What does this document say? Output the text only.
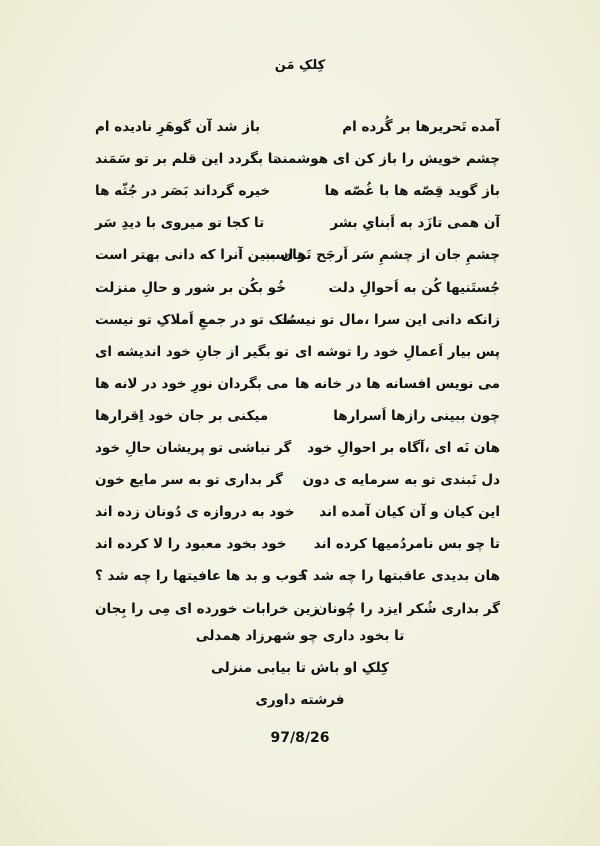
کِلکِ مَن
آمده تَحریرها بر گُرده ام
باز شد آن گوهَرِ نادیده ام
چشم خویش را باز کن ای هوشمند
تا بگردد این قلم بر تو سَمَند
باز گوید قِصّه ها با غُصّه ها
خیره گرداند بَصَر در جُثّه ها
آن همی تازَد به اَبنایِ بشر
تا کجا تو میروی با دیدِ سَر
چشمِ جان از چشمِ سَر اَرجَح تَر است
هان ببین آنرا که دانی بهتر است
جُستَنیها کُن به اَحوالِ دلت
خُو بکُن بر شور و حالِ منزلت
زانکه دانی این سرا ،مال تو نیست
مُلک تو در جمعِ اَملاکِ تو نیست
پس بیار اَعمالِ خود را توشه ای
تو بگیر از جانِ خود اندیشه ای
می نویس افسانه ها در خانه ها
می بگردان نورِ خود در لانه ها
چون ببینی رازها اَسرارها
میکنی بر جان خود اِقرارها
هان نَه ای ،آگاه بر احوالِ خود
گر نباشی تو پریشان حالِ خود
دل نَبندی تو به سرمایه ی دون
گر بداری تو به سر مایع خون
این کیان و آن کیان آمده اند
خود به دروازه ی دُونان زده اند
تا چو بس نامردُمیها کرده اند
خود بخود معبود را لا کرده اند
هان بدیدی عاقبتها را چه شد ؟
خوب و بد ها عافیتها را چه شد ؟
گر بداری شُکر ایزد را چُونان
زین خرابات خورده ای مِی را بِجان
تا بخود داری چو شهرزاد همدلی
کِلکِ او باش تا بیابی منزلی
فرشته داوری
97/8/26
